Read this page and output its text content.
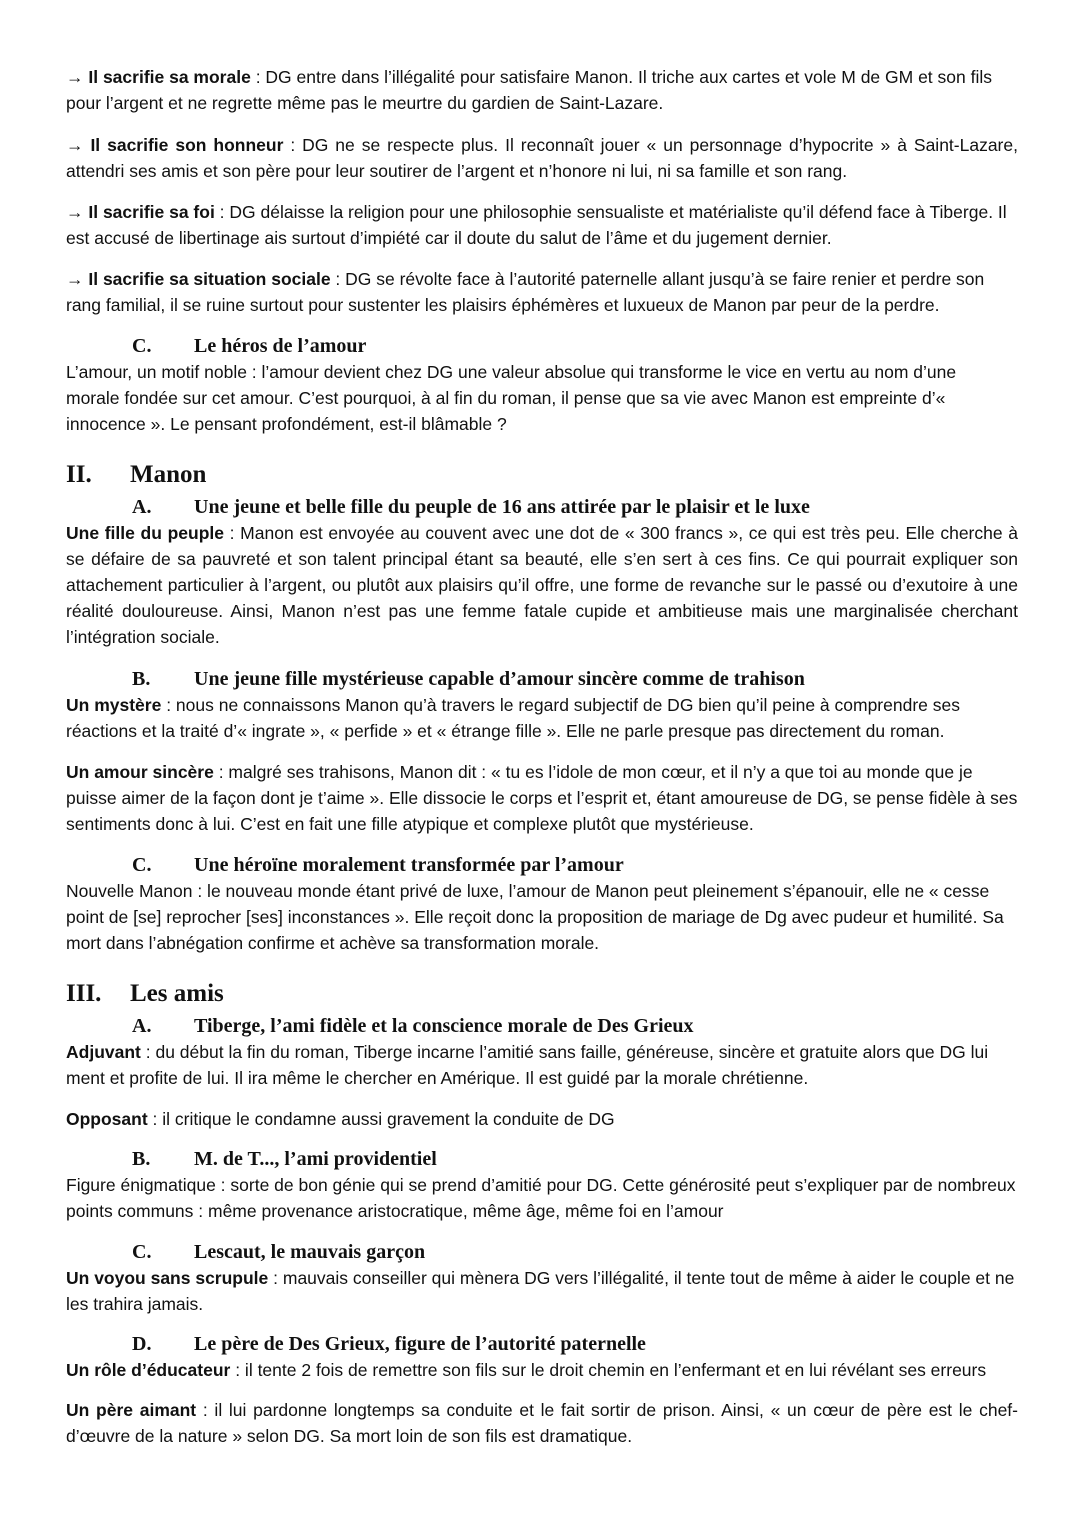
→ Il sacrifie sa morale : DG entre dans l’illégalité pour satisfaire Manon. Il triche aux cartes et vole M de GM et son fils pour l’argent et ne regrette même pas le meurtre du gardien de Saint-Lazare.

→ Il sacrifie son honneur : DG ne se respecte plus. Il reconnaît jouer « un personnage d’hypocrite » à Saint-Lazare, attendri ses amis et son père pour leur soutirer de l’argent et n’honore ni lui, ni sa famille et son rang.

→ Il sacrifie sa foi : DG délaisse la religion pour une philosophie sensualiste et matérialiste qu’il défend face à Tiberge. Il est accusé de libertinage ais surtout d’impiété car il doute du salut de l’âme et du jugement dernier.

→ Il sacrifie sa situation sociale : DG se révolte face à l’autorité paternelle allant jusqu’à se faire renier et perdre son rang familial, il se ruine surtout pour sustenter les plaisirs éphémères et luxueux de Manon par peur de la perdre.

C. Le héros de l’amour

L’amour, un motif noble : l’amour devient chez DG une valeur absolue qui transforme le vice en vertu au nom d’une morale fondée sur cet amour. C’est pourquoi, à al fin du roman, il pense que sa vie avec Manon est empreinte d’« innocence ». Le pensant profondément, est-il blâmable ?

II. Manon
A. Une jeune et belle fille du peuple de 16 ans attirée par le plaisir et le luxe

Une fille du peuple : Manon est envoyée au couvent avec une dot de « 300 francs », ce qui est très peu. Elle cherche à se défaire de sa pauvreté et son talent principal étant sa beauté, elle s’en sert à ces fins. Ce qui pourrait expliquer son attachement particulier à l’argent, ou plutôt aux plaisirs qu’il offre, une forme de revanche sur le passé ou d’exutoire à une réalité douloureuse. Ainsi, Manon n’est pas une femme fatale cupide et ambitieuse mais une marginalisée cherchant l’intégration sociale.

B. Une jeune fille mystérieuse capable d’amour sincère comme de trahison

Un mystère : nous ne connaissons Manon qu’à travers le regard subjectif de DG bien qu’il peine à comprendre ses réactions et la traité d’« ingrate », « perfide » et « étrange fille ». Elle ne parle presque pas directement du roman.

Un amour sincère : malgré ses trahisons, Manon dit : « tu es l’idole de mon cœur, et il n’y a que toi au monde que je puisse aimer de la façon dont je t’aime ». Elle dissocie le corps et l’esprit et, étant amoureuse de DG, se pense fidèle à ses sentiments donc à lui. C’est en fait une fille atypique et complexe plutôt que mystérieuse.

C. Une héroïne moralement transformée par l’amour

Nouvelle Manon : le nouveau monde étant privé de luxe, l’amour de Manon peut pleinement s’épanouir, elle ne « cesse point de [se] reprocher [ses] inconstances ». Elle reçoit donc la proposition de mariage de Dg avec pudeur et humilité. Sa mort dans l’abnégation confirme et achève sa transformation morale.

III. Les amis
A. Tiberge, l’ami fidèle et la conscience morale de Des Grieux

Adjuvant : du début la fin du roman, Tiberge incarne l’amitié sans faille, généreuse, sincère et gratuite alors que DG lui ment et profite de lui. Il ira même le chercher en Amérique. Il est guidé par la morale chrétienne.

Opposant : il critique le condamne aussi gravement la conduite de DG

B. M. de T..., l’ami providentiel

Figure énigmatique : sorte de bon génie qui se prend d’amitié pour DG. Cette générosité peut s’expliquer par de nombreux points communs : même provenance aristocratique, même âge, même foi en l’amour

C. Lescaut, le mauvais garçon

Un voyou sans scrupule : mauvais conseiller qui mènera DG vers l’illégalité, il tente tout de même à aider le couple et ne les trahira jamais.

D. Le père de Des Grieux, figure de l’autorité paternelle

Un rôle d’éducateur : il tente 2 fois de remettre son fils sur le droit chemin en l’enfermant et en lui révélant ses erreurs

Un père aimant : il lui pardonne longtemps sa conduite et le fait sortir de prison. Ainsi, « un cœur de père est le chef-d’œuvre de la nature » selon DG. Sa mort loin de son fils est dramatique.
